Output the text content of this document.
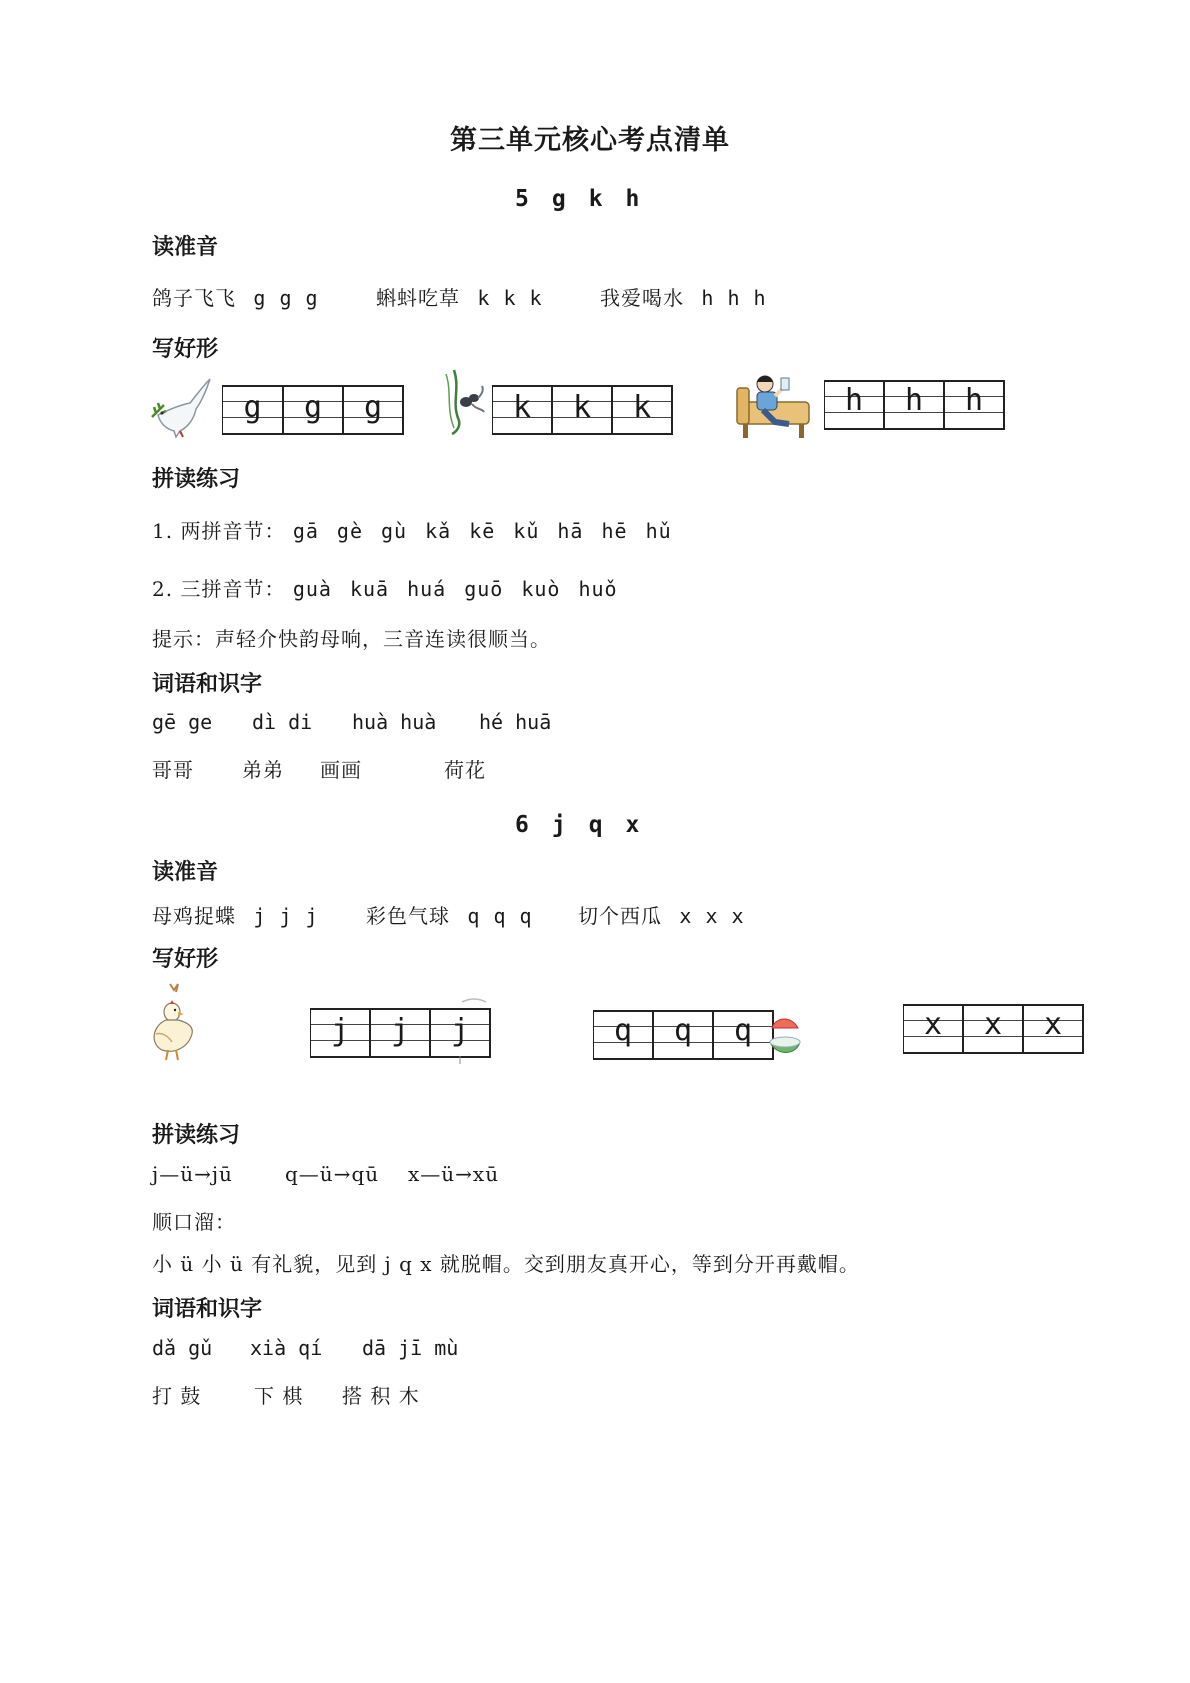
第三单元核心考点清单
5　g　k　h
读准音
鸽子飞飞 g g g	蝌蚪吃草 k k k	我爱喝水 h h h
写好形
g	g	g	k	k	k	h	h	h
拼读练习
1. 两拼音节： gā gè gù kǎ kē kǔ hā hē hǔ
2. 三拼音节： guà kuā huá guō kuò huǒ
提示：声轻介快韵母响，三音连读很顺当。
词语和识字
gē ge dì di huà huà hé huā
哥哥 弟弟 画画	荷花
6　j　q　x
读准音
母鸡捉蝶 j j j 彩色气球 q q q 切个西瓜 x x x
写好形
j	j	j	q	q	q	x	x	x
拼读练习
j—ü→jū	q—ü→qū x—ü→xū
顺口溜：
小 ü 小 ü 有礼貌，见到 j q x 就脱帽。交到朋友真开心，等到分开再戴帽。
词语和识字
dǎ gǔ xià qí dā jī mù
打 鼓	下 棋 搭 积 木
